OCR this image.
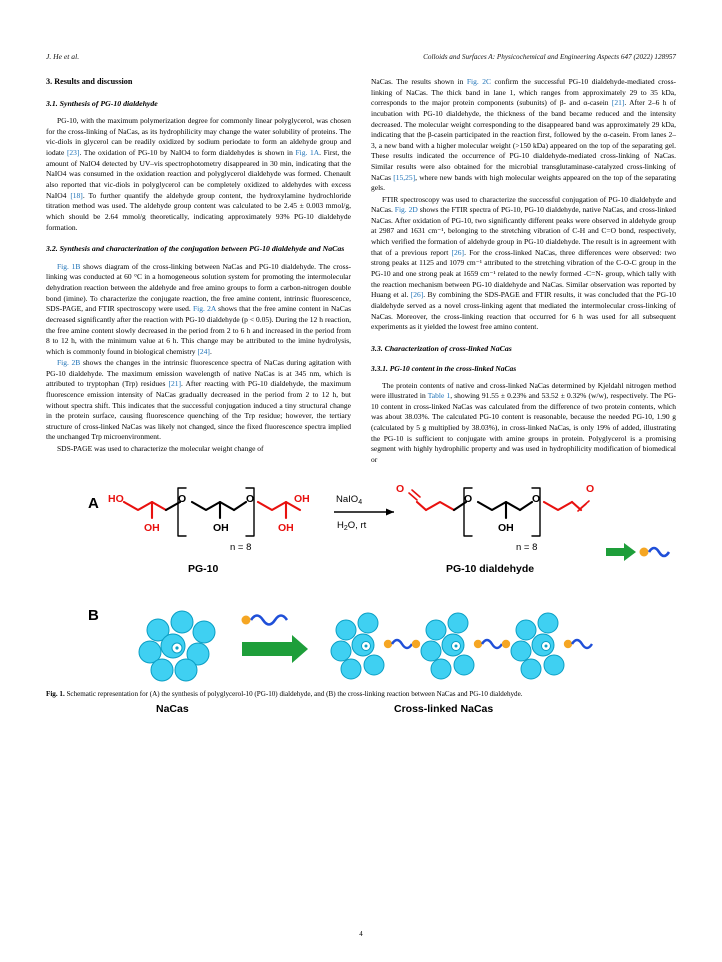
J. He et al.	Colloids and Surfaces A: Physicochemical and Engineering Aspects 647 (2022) 128957
3. Results and discussion
3.1. Synthesis of PG-10 dialdehyde

PG-10, with the maximum polymerization degree for commonly linear polyglycerol, was chosen for the cross-linking of NaCas, as its hydrophilicity may change the water solubility of proteins. The vic-diols in glycerol can be readily oxidized by sodium periodate to form an aldehyde group and iodate [23]. The oxidation of PG-10 by NaIO4 to form dialdehydes is shown in Fig. 1A. First, the amount of NaIO4 detected by UV–vis spectrophotometry disappeared in 30 min, indicating that the NaIO4 was consumed in the oxidation reaction and polyglycerol dialdehyde was formed. Chenault also reported that vic-diols in polyglycerol can be completely oxidized to aldehydes with excess NaIO4 [18]. To further quantify the aldehyde group content, the hydroxylamine hydrochloride titration method was used. The aldehyde group content was calculated to be 2.45 ± 0.003 mmol/g, which should be 2.64 mmol/g theoretically, indicating approximately 93% PG-10 dialdehyde formation.

3.2. Synthesis and characterization of the conjugation between PG-10 dialdehyde and NaCas

Fig. 1B shows diagram of the cross-linking between NaCas and PG-10 dialdehyde. The cross-linking was conducted at 60 °C in a homogeneous solution system for promoting the intermolecular dehydration reaction between the aldehyde and free amino groups to form a carbon-nitrogen double bond (imine). To characterize the conjugate reaction, the free amine content, intrinsic fluorescence, SDS-PAGE, and FTIR spectroscopy were used. Fig. 2A shows that the free amine content in NaCas decreased significantly after the reaction with PG-10 dialdehyde (p < 0.05). During the 12 h reaction, the free amine content slowly decreased in the period from 2 to 6 h and increased in the period from 8 to 12 h, with the minimum value at 6 h. This change may be attributed to the imine hydrolysis, which is commonly found in biological chemistry [24].

Fig. 2B shows the changes in the intrinsic fluorescence spectra of NaCas during agitation with PG-10 dialdehyde. The maximum emission wavelength of native NaCas is at 345 nm, which is attributed to tryptophan (Trp) residues [21]. After reacting with PG-10 dialdehyde, the maximum fluorescence emission intensity of NaCas gradually decreased in the period from 2 to 12 h, but without spectra shift. This indicates that the successful conjugation induced a tiny structural change in the protein surface, causing fluorescence quenching of the Trp residue; however, the tertiary structure of cross-linked NaCas was likely not changed, since the fixed fluorescence spectra implied the unchanged Trp microenvironment.

SDS-PAGE was used to characterize the molecular weight change of

NaCas. The results shown in Fig. 2C confirm the successful PG-10 dialdehyde-mediated cross-linking of NaCas. The thick band in lane 1, which ranges from approximately 29 to 35 kDa, corresponds to the major protein components (subunits) of β- and α-casein [21]. After 2–6 h of incubation with PG-10 dialdehyde, the thickness of the band became reduced and the intensity decreased. The molecular weight corresponding to the disappeared band was approximately 29 kDa, indicating that the β-casein participated in the reaction first, followed by the α-casein. From lanes 2–3, a new band with a higher molecular weight (>150 kDa) appeared on the top of the separating gel. These results indicated the occurrence of PG-10 dialdehyde-mediated cross-linking of NaCas. Similar results were also obtained for the microbial transglutaminase-catalyzed cross-linking of NaCas [15,25], where new bands with high molecular weights appeared on the top of the separating gels.

FTIR spectroscopy was used to characterize the successful conjugation of PG-10 dialdehyde and NaCas. Fig. 2D shows the FTIR spectra of PG-10, PG-10 dialdehyde, native NaCas, and cross-linked NaCas. After oxidation of PG-10, two significantly different peaks were observed in aldehyde group at 2987 and 1631 cm⁻¹, belonging to the stretching vibration of C-H and C=O bond, respectively, which verified the formation of aldehyde group in PG-10 dialdehyde. The result is in agreement with that of a previous report [26]. For the cross-linked NaCas, three differences were observed: two strong peaks at 1125 and 1079 cm⁻¹ attributed to the stretching vibration of the C-O-C group in the PG-10 and one strong peak at 1659 cm⁻¹ related to the newly formed -C=N- group, which tally with the reaction mechanism between PG-10 dialdehyde and NaCas. Similar observation was reported by Huang et al. [26]. By combining the SDS-PAGE and FTIR results, it was concluded that the PG-10 dialdehyde served as a novel cross-linking agent that mediated the intermolecular cross-linking of NaCas. Moreover, the cross-linking reaction that occurred for 6 h was used for all subsequent experiments as it yielded the lowest free amino content.

3.3. Characterization of cross-linked NaCas
3.3.1. PG-10 content in the cross-linked NaCas

The protein contents of native and cross-linked NaCas determined by Kjeldahl nitrogen method were illustrated in Table 1, showing 91.55 ± 0.23% and 53.52 ± 0.32% (w/w), respectively. The PG-10 content in cross-linked NaCas was calculated from the difference of two protein contents, which was about 38.03%. The calculated PG-10 content is reasonable, because the needed PG-10, 1.90 g (calculated by 5 g multiplied by 38.03%), in cross-linked NaCas, is only 19% of added, illustrating the PG-10 is sufficient to conjugate with amine groups in protein. Polyglycerol is a promising segment with highly hydrophilic property and was used in hydrophilicity modification of biomedical or

A HO
OH
O
OH
O
OH
OH
n = 8
PG-10
NaIO$_4$
$H_2O$, rt
O
O
OH
O
O
n = 8
PG-10 dialdehyde
B
NaCas	Cross-linked NaCas
Fig. 1. Schematic representation for (A) the synthesis of polyglycerol-10 (PG-10) dialdehyde, and (B) the cross-linking reaction between NaCas and PG-10 dialdehyde.
4
